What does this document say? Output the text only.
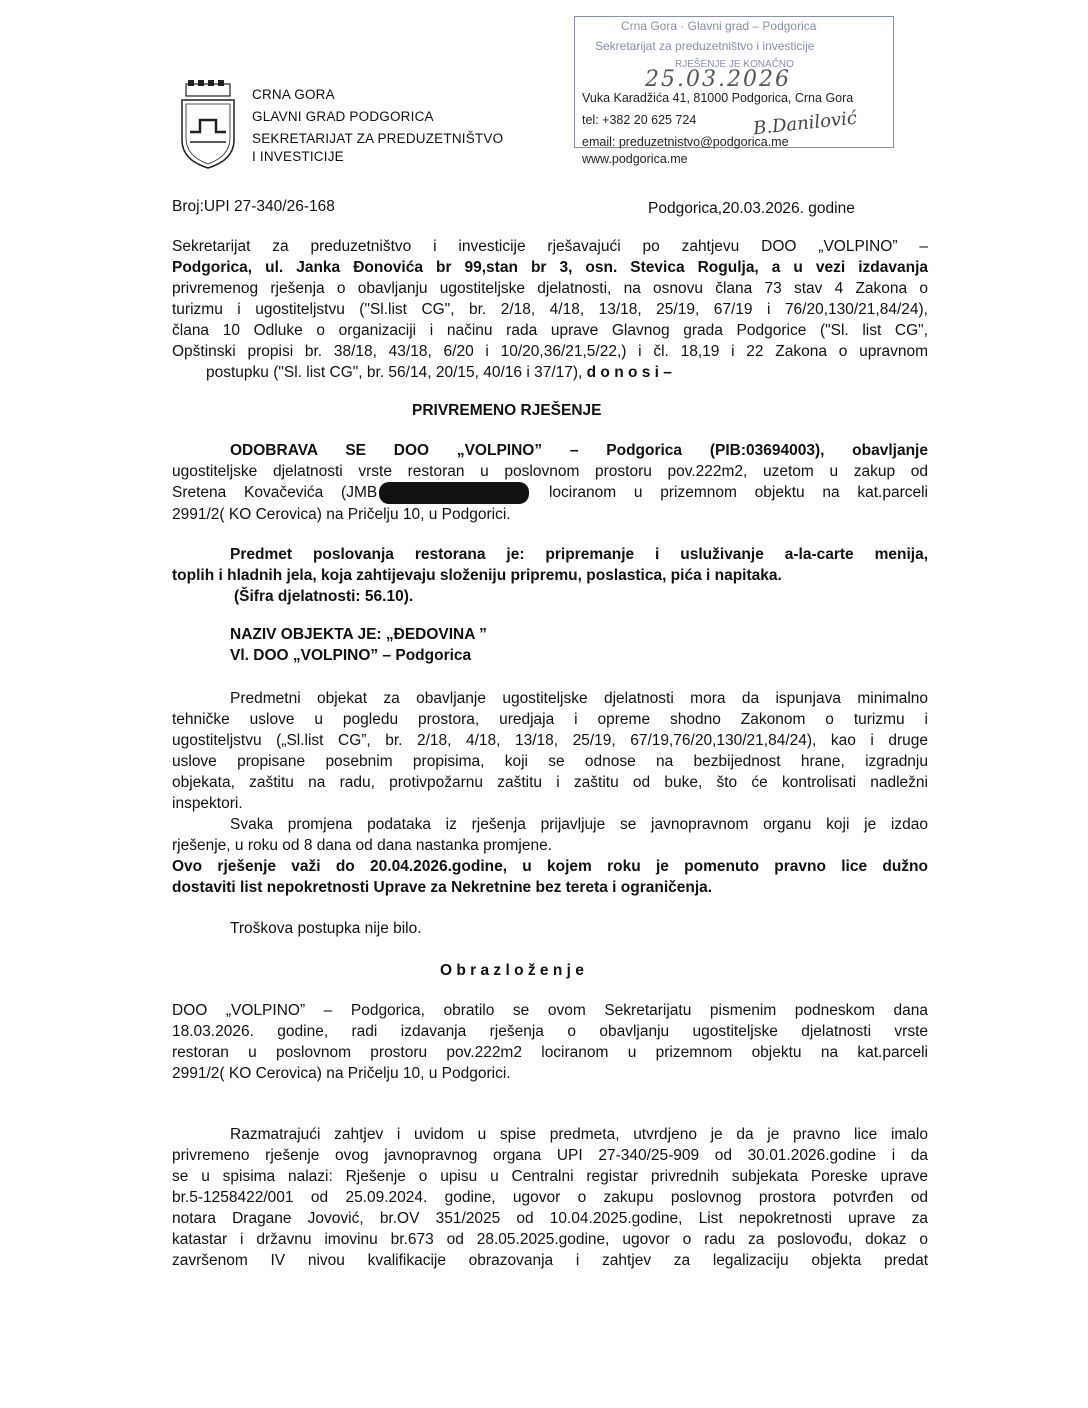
CRNA GORA
GLAVNI GRAD PODGORICA
SEKRETARIJAT ZA PREDUZETNIŠTVO
I INVESTICIJE
Crna Gora · Glavni grad – Podgorica
Sekretarijat za preduzetništvo i investicije
RJEŠENJE JE KONAČNO
25.03.2026
B.Danilović
Vuka Karadžića 41, 81000 Podgorica, Crna Gora
tel: +382 20 625 724
email: preduzetnistvo@podgorica.me
www.podgorica.me
Broj:UPI 27-340/26-168	Podgorica,20.03.2026. godine

Sekretarijat za preduzetništvo i investicije rješavajući po zahtjevu DOO „VOLPINO” –

Podgorica, ul. Janka Đonovića br 99,stan br 3, osn. Stevica Rogulja, a u vezi izdavanja

privremenog rješenja o obavljanju ugostiteljske djelatnosti, na osnovu člana 73 stav 4 Zakona o

turizmu i ugostiteljstvu ("Sl.list CG", br. 2/18, 4/18, 13/18, 25/19, 67/19 i 76/20,130/21,84/24),

člana 10 Odluke o organizaciji i načinu rada uprave Glavnog grada Podgorice ("Sl. list CG",

Opštinski propisi br. 38/18, 43/18, 6/20 i 10/20,36/21,5/22,) i čl. 18,19 i 22 Zakona o upravnom

postupku ("Sl. list CG", br. 56/14, 20/15, 40/16 i 37/17), d o n o s i –

PRIVREMENO RJEŠENJE

ODOBRAVA SE DOO „VOLPINO” – Podgorica (PIB:03694003), obavljanje

ugostiteljske djelatnosti vrste restoran u poslovnom prostoru pov.222m2, uzetom u zakup od

Sretena Kovačevića (JMB	lociranom u prizemnom objektu na kat.parceli

2991/2( KO Cerovica) na Pričelju 10, u Podgorici.

Predmet poslovanja restorana je: pripremanje i usluživanje a-la-carte menija,

toplih i hladnih jela, koja zahtijevaju složeniju pripremu, poslastica, pića i napitaka.

(Šifra djelatnosti: 56.10).

NAZIV OBJEKTA JE: „ĐEDOVINA ”

Vl. DOO „VOLPINO” – Podgorica

Predmetni objekat za obavljanje ugostiteljske djelatnosti mora da ispunjava minimalno

tehničke uslove u pogledu prostora, uredjaja i opreme shodno Zakonom o turizmu i

ugostiteljstvu („Sl.list CG”, br. 2/18, 4/18, 13/18, 25/19, 67/19,76/20,130/21,84/24), kao i druge

uslove propisane posebnim propisima, koji se odnose na bezbijednost hrane, izgradnju

objekata, zaštitu na radu, protivpožarnu zaštitu i zaštitu od buke, što će kontrolisati nadležni

inspektori.

Svaka promjena podataka iz rješenja prijavljuje se javnopravnom organu koji je izdao

rješenje, u roku od 8 dana od dana nastanka promjene.

Ovo rješenje važi do 20.04.2026.godine, u kojem roku je pomenuto pravno lice dužno

dostaviti list nepokretnosti Uprave za Nekretnine bez tereta i ograničenja.

Troškova postupka nije bilo.
O b r a z l o ž e n j e

DOO „VOLPINO” – Podgorica, obratilo se ovom Sekretarijatu pismenim podneskom dana

18.03.2026. godine, radi izdavanja rješenja o obavljanju ugostiteljske djelatnosti vrste

restoran u poslovnom prostoru pov.222m2 lociranom u prizemnom objektu na kat.parceli

2991/2( KO Cerovica) na Pričelju 10, u Podgorici.

Razmatrajući zahtjev i uvidom u spise predmeta, utvrdjeno je da je pravno lice imalo

privremeno rješenje ovog javnopravnog organa UPI 27-340/25-909 od 30.01.2026.godine i da

se u spisima nalazi: Rješenje o upisu u Centralni registar privrednih subjekata Poreske uprave

br.5-1258422/001 od 25.09.2024. godine, ugovor o zakupu poslovnog prostora potvrđen od

notara Dragane Jovović, br.OV 351/2025 od 10.04.2025.godine, List nepokretnosti uprave za

katastar i državnu imovinu br.673 od 28.05.2025.godine, ugovor o radu za poslovođu, dokaz o

završenom IV nivou kvalifikacije obrazovanja i zahtjev za legalizaciju objekta predat
